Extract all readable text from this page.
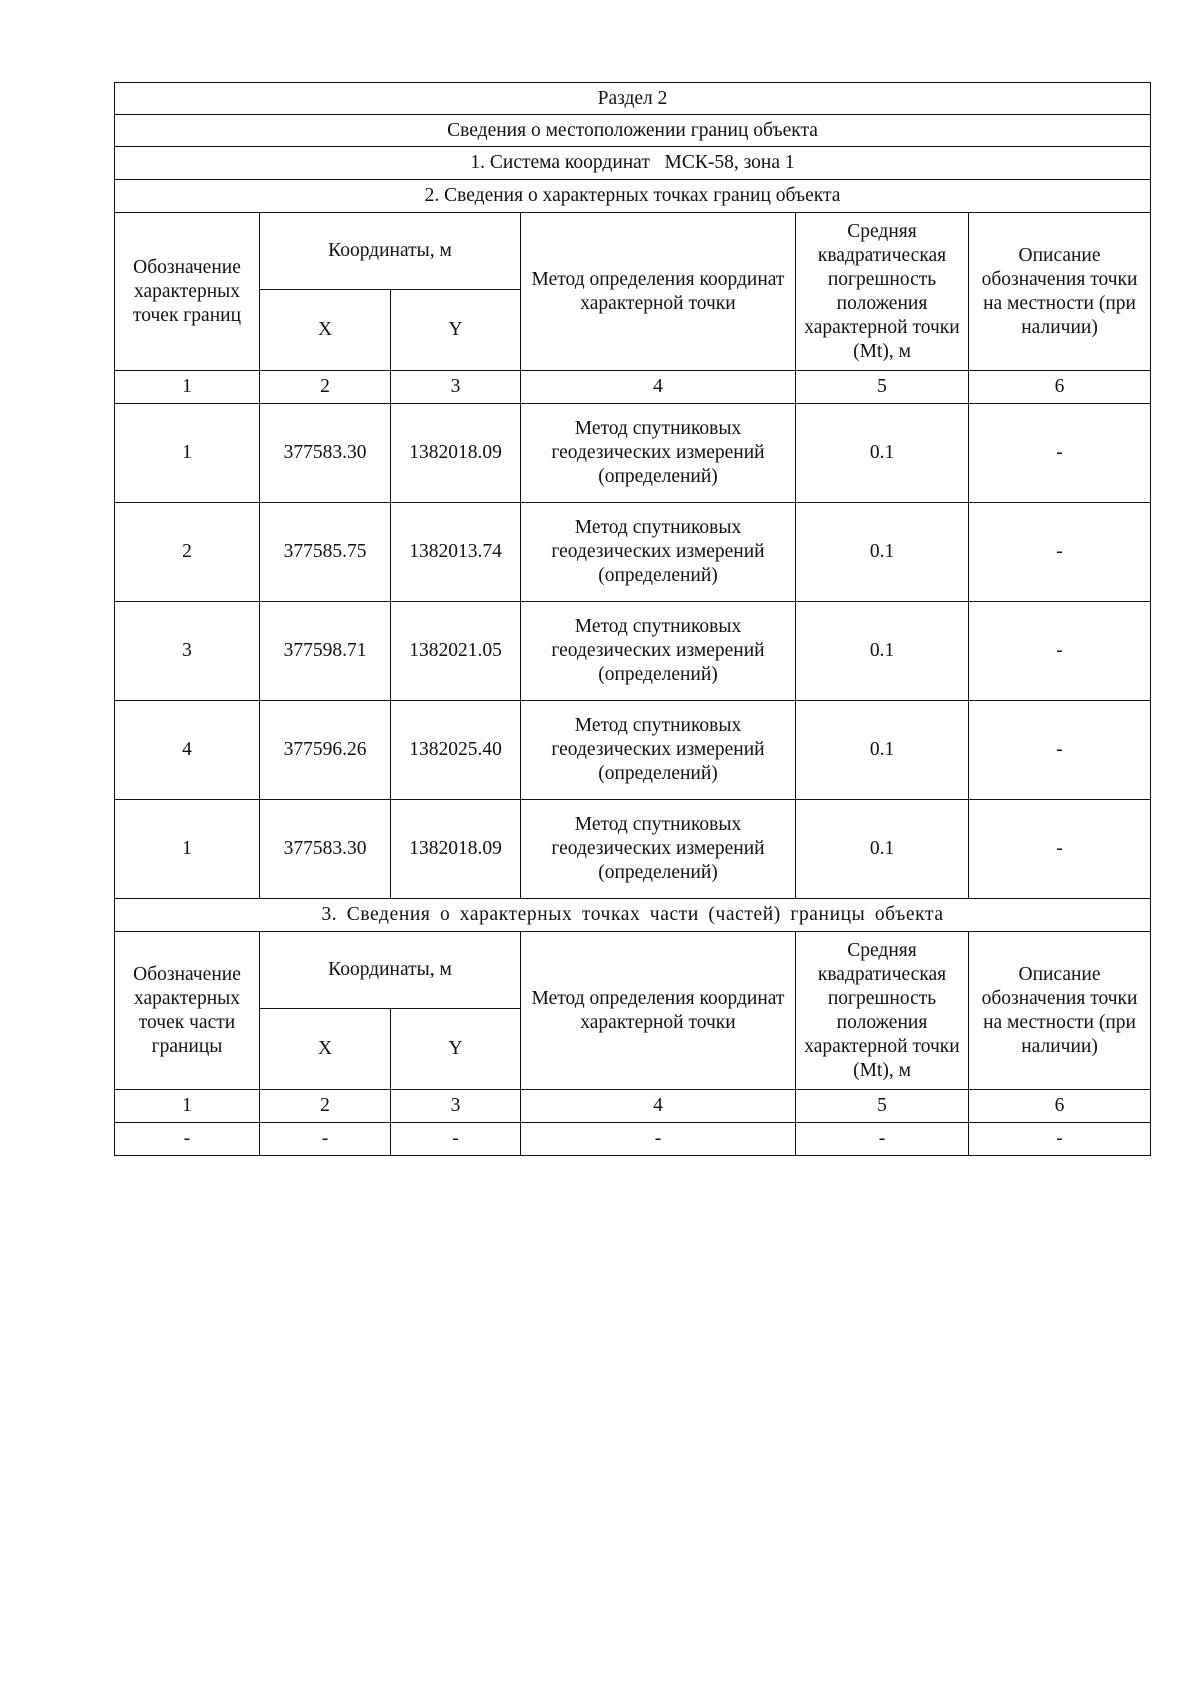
Раздел 2					
Сведения о местоположении границ объекта					
1. Система координат МСК-58, зона 1					
2. Сведения о характерных точках границ объекта					
Обозначение характерных точек границ	Координаты, м		Метод определения координат характерной точки	Средняя квадратическая погрешность положения характерной точки (Mt), м	Описание обозначения точки на местности (при наличии)
	X	Y			
1	2	3	4	5	6
1	377583.30	1382018.09	Метод спутниковых геодезических измерений (определений)	0.1	-
2	377585.75	1382013.74	Метод спутниковых геодезических измерений (определений)	0.1	-
3	377598.71	1382021.05	Метод спутниковых геодезических измерений (определений)	0.1	-
4	377596.26	1382025.40	Метод спутниковых геодезических измерений (определений)	0.1	-
1	377583.30	1382018.09	Метод спутниковых геодезических измерений (определений)	0.1	-
3. Сведения о характерных точках части (частей) границы объекта					
Обозначение характерных точек части границы	Координаты, м		Метод определения координат характерной точки	Средняя квадратическая погрешность положения характерной точки (Mt), м	Описание обозначения точки на местности (при наличии)
	X	Y			
1	2	3	4	5	6
-	-	-	-	-	-
